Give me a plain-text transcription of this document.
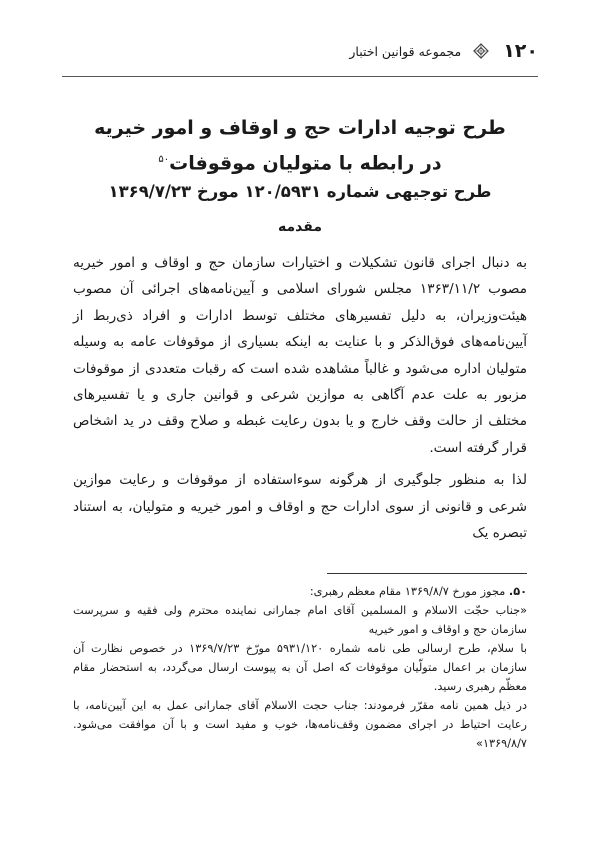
۱۲۰
مجموعه قوانین اختبار
طرح توجیه ادارات حج و اوقاف و امور خیریه
در رابطه با متولیان موقوفات$^{۵۰}$
طرح توجیهی شماره ۱۲۰/۵۹۳۱ مورخ ۱۳۶۹/۷/۲۳
مقدمه

به دنبال اجرای قانون تشکیلات و اختیارات سازمان حج و اوقاف و امور خیریه مصوب ۱۳۶۳/۱۱/۲ مجلس شورای اسلامی و آیین‌نامه‌های اجرائی آن مصوب هیئت‌وزیران، به دلیل تفسیرهای مختلف توسط ادارات و افراد ذی‌ربط از آیین‌نامه‌های فوق‌الذکر و با عنایت به اینکه بسیاری از موقوفات عامه به وسیله متولیان اداره می‌شود و غالباً مشاهده شده است که رقبات متعددی از موقوفات مزبور به علت عدم آگاهی به موازین شرعی و قوانین جاری و یا تفسیرهای مختلف از حالت وقف خارج و یا بدون رعایت غبطه و صلاح وقف در ید اشخاص قرار گرفته است.

لذا به منظور جلوگیری از هرگونه سوءاستفاده از موقوفات و رعایت موازین شرعی و قانونی از سوی ادارات حج و اوقاف و امور خیریه و متولیان، به استناد تبصره یک

۵۰. مجوز مورخ ۱۳۶۹/۸/۷ مقام معظم رهبری:

«جناب حجّت الاسلام و المسلمین آقای امام جمارانی نماینده محترم ولی فقیه و سرپرست سازمان حج و اوقاف و امور خیریه

با سلام، طرح ارسالی طی نامه شماره ۵۹۳۱/۱۲۰ مورّخ ۱۳۶۹/۷/۲۳ در خصوص نظارت آن سازمان بر اعمال متولّیان موقوفات که اصل آن به پیوست ارسال می‌گردد، به استحضار مقام معظّم رهبری رسید.

در ذیل همین نامه مقرّر فرمودند: جناب حجت الاسلام آقای جمارانی عمل به این آیین‌نامه، با رعایت احتیاط در اجرای مضمون وقف‌نامه‌ها، خوب و مفید است و با آن موافقت می‌شود. ۱۳۶۹/۸/۷»
